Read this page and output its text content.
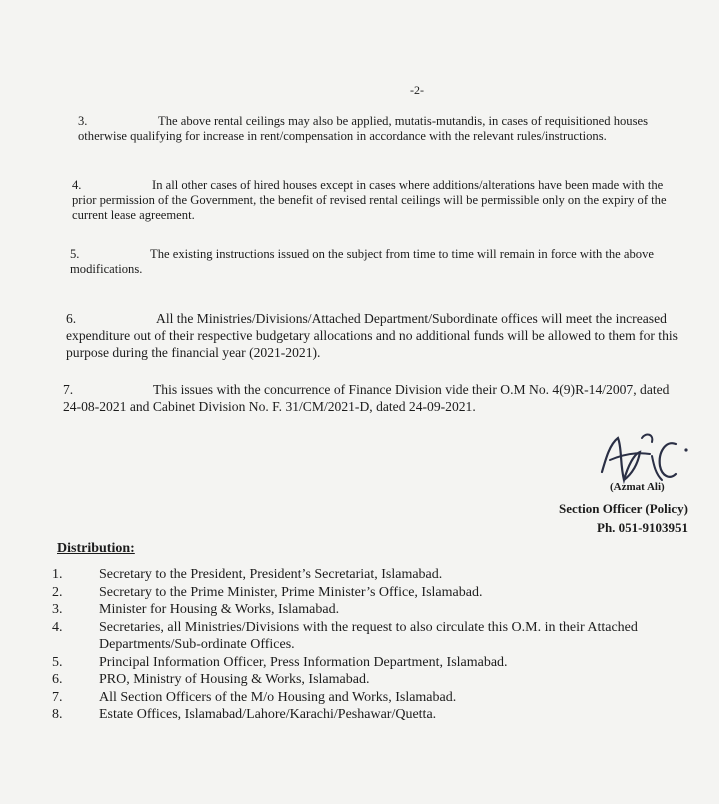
-2-
3.	The above rental ceilings may also be applied, mutatis-mutandis, in cases of requisitioned houses otherwise qualifying for increase in rent/compensation in accordance with the relevant rules/instructions.
4.	In all other cases of hired houses except in cases where additions/alterations have been made with the prior permission of the Government, the benefit of revised rental ceilings will be permissible only on the expiry of the current lease agreement.
5.	The existing instructions issued on the subject from time to time will remain in force with the above modifications.
6.	All the Ministries/Divisions/Attached Department/Subordinate offices will meet the increased expenditure out of their respective budgetary allocations and no additional funds will be allowed to them for this purpose during the financial year (2021-2021).
7.	This issues with the concurrence of Finance Division vide their O.M No. 4(9)R-14/2007, dated 24-08-2021 and Cabinet Division No. F. 31/CM/2021-D, dated 24-09-2021.
(Azmat Ali)
Section Officer (Policy)
Ph. 051-9103951
Distribution:
1.	Secretary to the President, President’s Secretariat, Islamabad.
2.	Secretary to the Prime Minister, Prime Minister’s Office, Islamabad.
3.	Minister for Housing & Works, Islamabad.
4.	Secretaries, all Ministries/Divisions with the request to also circulate this O.M. in their Attached Departments/Sub-ordinate Offices.
5.	Principal Information Officer, Press Information Department, Islamabad.
6.	PRO, Ministry of Housing & Works, Islamabad.
7.	All Section Officers of the M/o Housing and Works, Islamabad.
8.	Estate Offices, Islamabad/Lahore/Karachi/Peshawar/Quetta.
